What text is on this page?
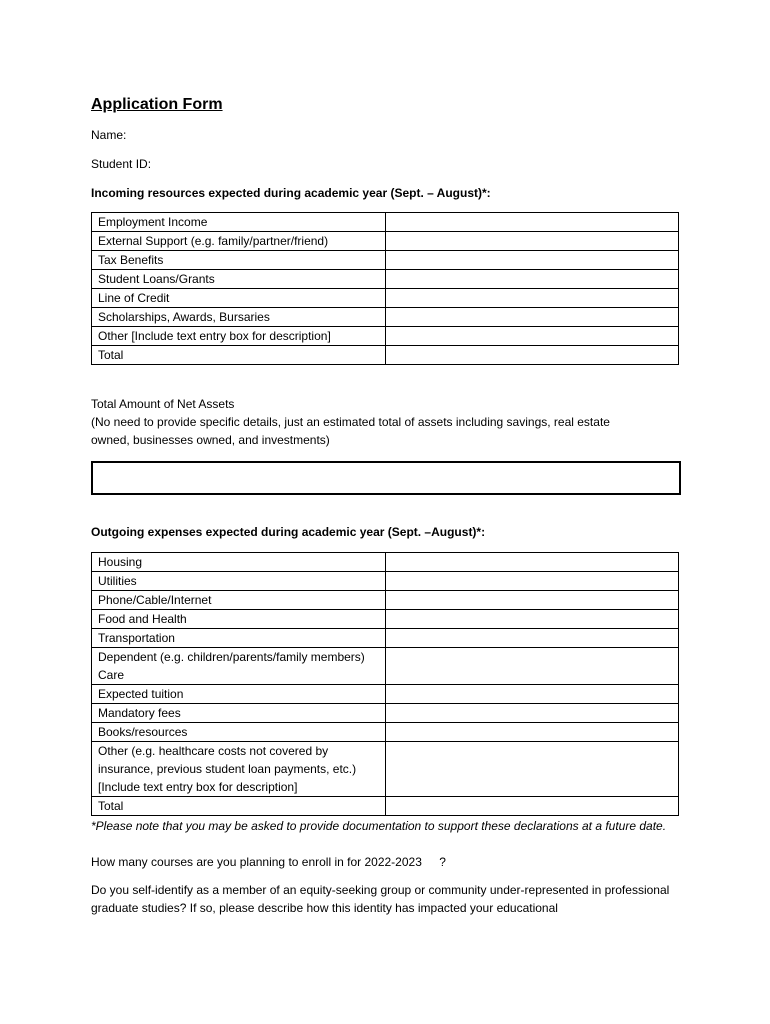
Application Form
Name:
Student ID:
Incoming resources expected during academic year (Sept. – August)*:
Employment Income	
External Support (e.g. family/partner/friend)	
Tax Benefits	
Student Loans/Grants	
Line of Credit	
Scholarships, Awards, Bursaries	
Other [Include text entry box for description]	
Total	
Total Amount of Net Assets
(No need to provide specific details, just an estimated total of assets including savings, real estate owned, businesses owned, and investments)
Outgoing expenses expected during academic year (Sept. –August)*:
Housing	
Utilities	
Phone/Cable/Internet	
Food and Health	
Transportation	
Dependent (e.g. children/parents/family members) Care	
Expected tuition	
Mandatory fees	
Books/resources	
Other (e.g. healthcare costs not covered by insurance, previous student loan payments, etc.) [Include text entry box for description]	
Total	
*Please note that you may be asked to provide documentation to support these declarations at a future date.
How many courses are you planning to enroll in for 2022-2023 ?
Do you self-identify as a member of an equity-seeking group or community under-represented in professional graduate studies? If so, please describe how this identity has impacted your educational
